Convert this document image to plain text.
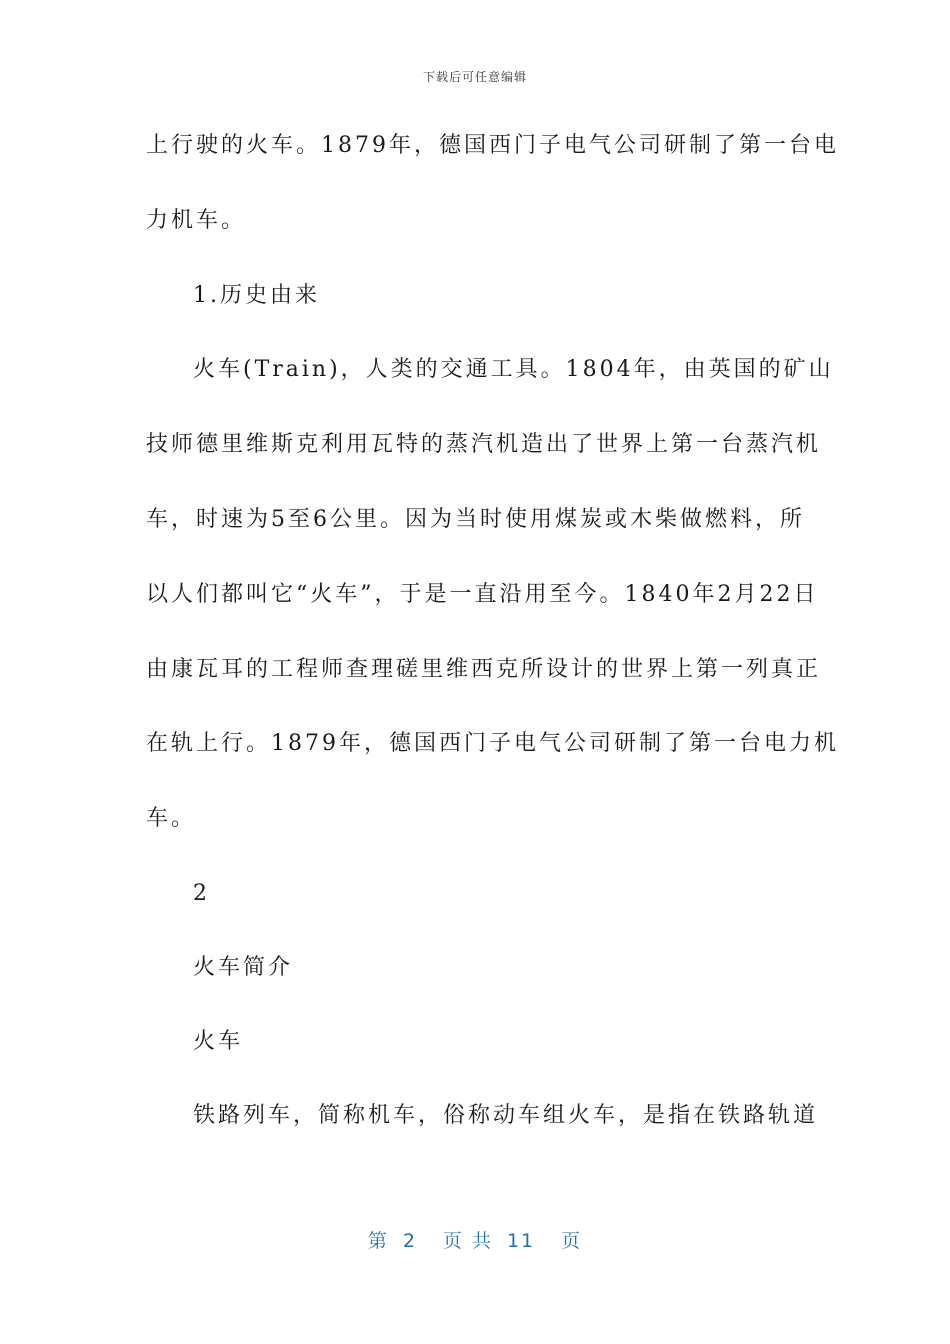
下载后可任意编辑
上行驶的火车。1879年，德国西门子电气公司研制了第一台电
力机车。
1.历史由来
火车(Train)，人类的交通工具。1804年，由英国的矿山
技师德里维斯克利用瓦特的蒸汽机造出了世界上第一台蒸汽机
车，时速为5至6公里。因为当时使用煤炭或木柴做燃料，所
以人们都叫它“火车”，于是一直沿用至今。1840年2月22日
由康瓦耳的工程师查理磋里维西克所设计的世界上第一列真正
在轨上行。1879年，德国西门子电气公司研制了第一台电力机
车。
2
火车简介
火车
铁路列车，简称机车，俗称动车组火车，是指在铁路轨道
第 2 页 共 11 页
